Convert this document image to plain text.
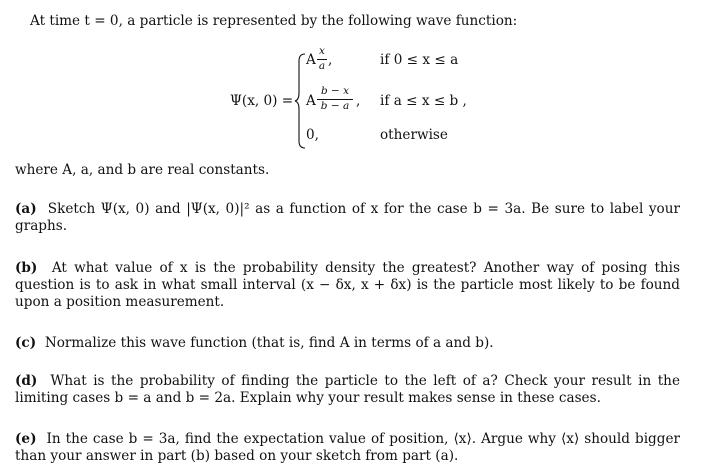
At time t = 0, a particle is represented by the following wave function:
Ψ(x, 0) =
A
x
a ,	if 0 ≤ x ≤ a
A
b − x
b − a , if a ≤ x ≤ b ,
0,	otherwise
where A, a, and b are real constants.
(a) Sketch Ψ(x, 0) and |Ψ(x, 0)|² as a function of x for the case b = 3a. Be sure to label your graphs.
(b) At what value of x is the probability density the greatest? Another way of posing this question is to ask in what small interval (x − δx, x + δx) is the particle most likely to be found upon a position measurement.
(c) Normalize this wave function (that is, find A in terms of a and b).
(d) What is the probability of finding the particle to the left of a? Check your result in the limiting cases b = a and b = 2a. Explain why your result makes sense in these cases.
(e) In the case b = 3a, find the expectation value of position, ⟨x⟩. Argue why ⟨x⟩ should bigger than your answer in part (b) based on your sketch from part (a).
